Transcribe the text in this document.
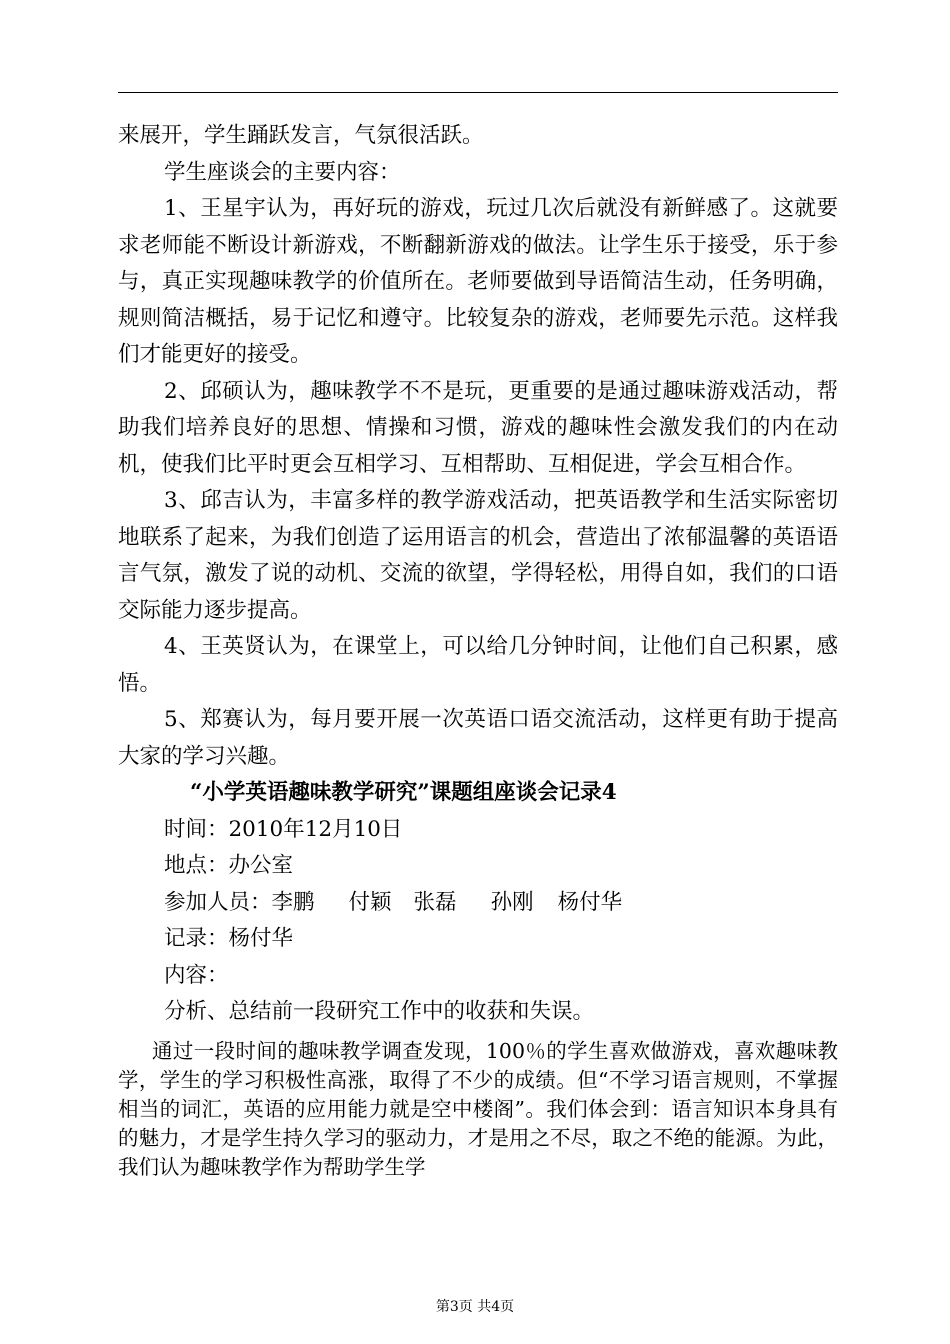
来展开，学生踊跃发言，气氛很活跃。

学生座谈会的主要内容：

1、王星宇认为，再好玩的游戏，玩过几次后就没有新鲜感了。这就要求老师能不断设计新游戏，不断翻新游戏的做法。让学生乐于接受，乐于参与，真正实现趣味教学的价值所在。老师要做到导语简洁生动，任务明确，规则简洁概括，易于记忆和遵守。比较复杂的游戏，老师要先示范。这样我们才能更好的接受。

2、邱硕认为，趣味教学不不是玩，更重要的是通过趣味游戏活动，帮助我们培养良好的思想、情操和习惯，游戏的趣味性会激发我们的内在动机，使我们比平时更会互相学习、互相帮助、互相促进，学会互相合作。

3、邱吉认为，丰富多样的教学游戏活动，把英语教学和生活实际密切地联系了起来，为我们创造了运用语言的机会，营造出了浓郁温馨的英语语言气氛，激发了说的动机、交流的欲望，学得轻松，用得自如，我们的口语交际能力逐步提高。

4、王英贤认为，在课堂上，可以给几分钟时间，让他们自己积累，感悟。

5、郑赛认为，每月要开展一次英语口语交流活动，这样更有助于提高大家的学习兴趣。

“小学英语趣味教学研究”课题组座谈会记录4

时间：2010年12月10日

地点：办公室

参加人员：李鹏 付颖 张磊 孙刚 杨付华

记录：杨付华

内容：

分析、总结前一段研究工作中的收获和失误。

通过一段时间的趣味教学调查发现，100％的学生喜欢做游戏，喜欢趣味教学，学生的学习积极性高涨，取得了不少的成绩。但“不学习语言规则，不掌握相当的词汇，英语的应用能力就是空中楼阁”。我们体会到：语言知识本身具有的魅力，才是学生持久学习的驱动力，才是用之不尽，取之不绝的能源。为此，我们认为趣味教学作为帮助学生学

第3页 共4页
